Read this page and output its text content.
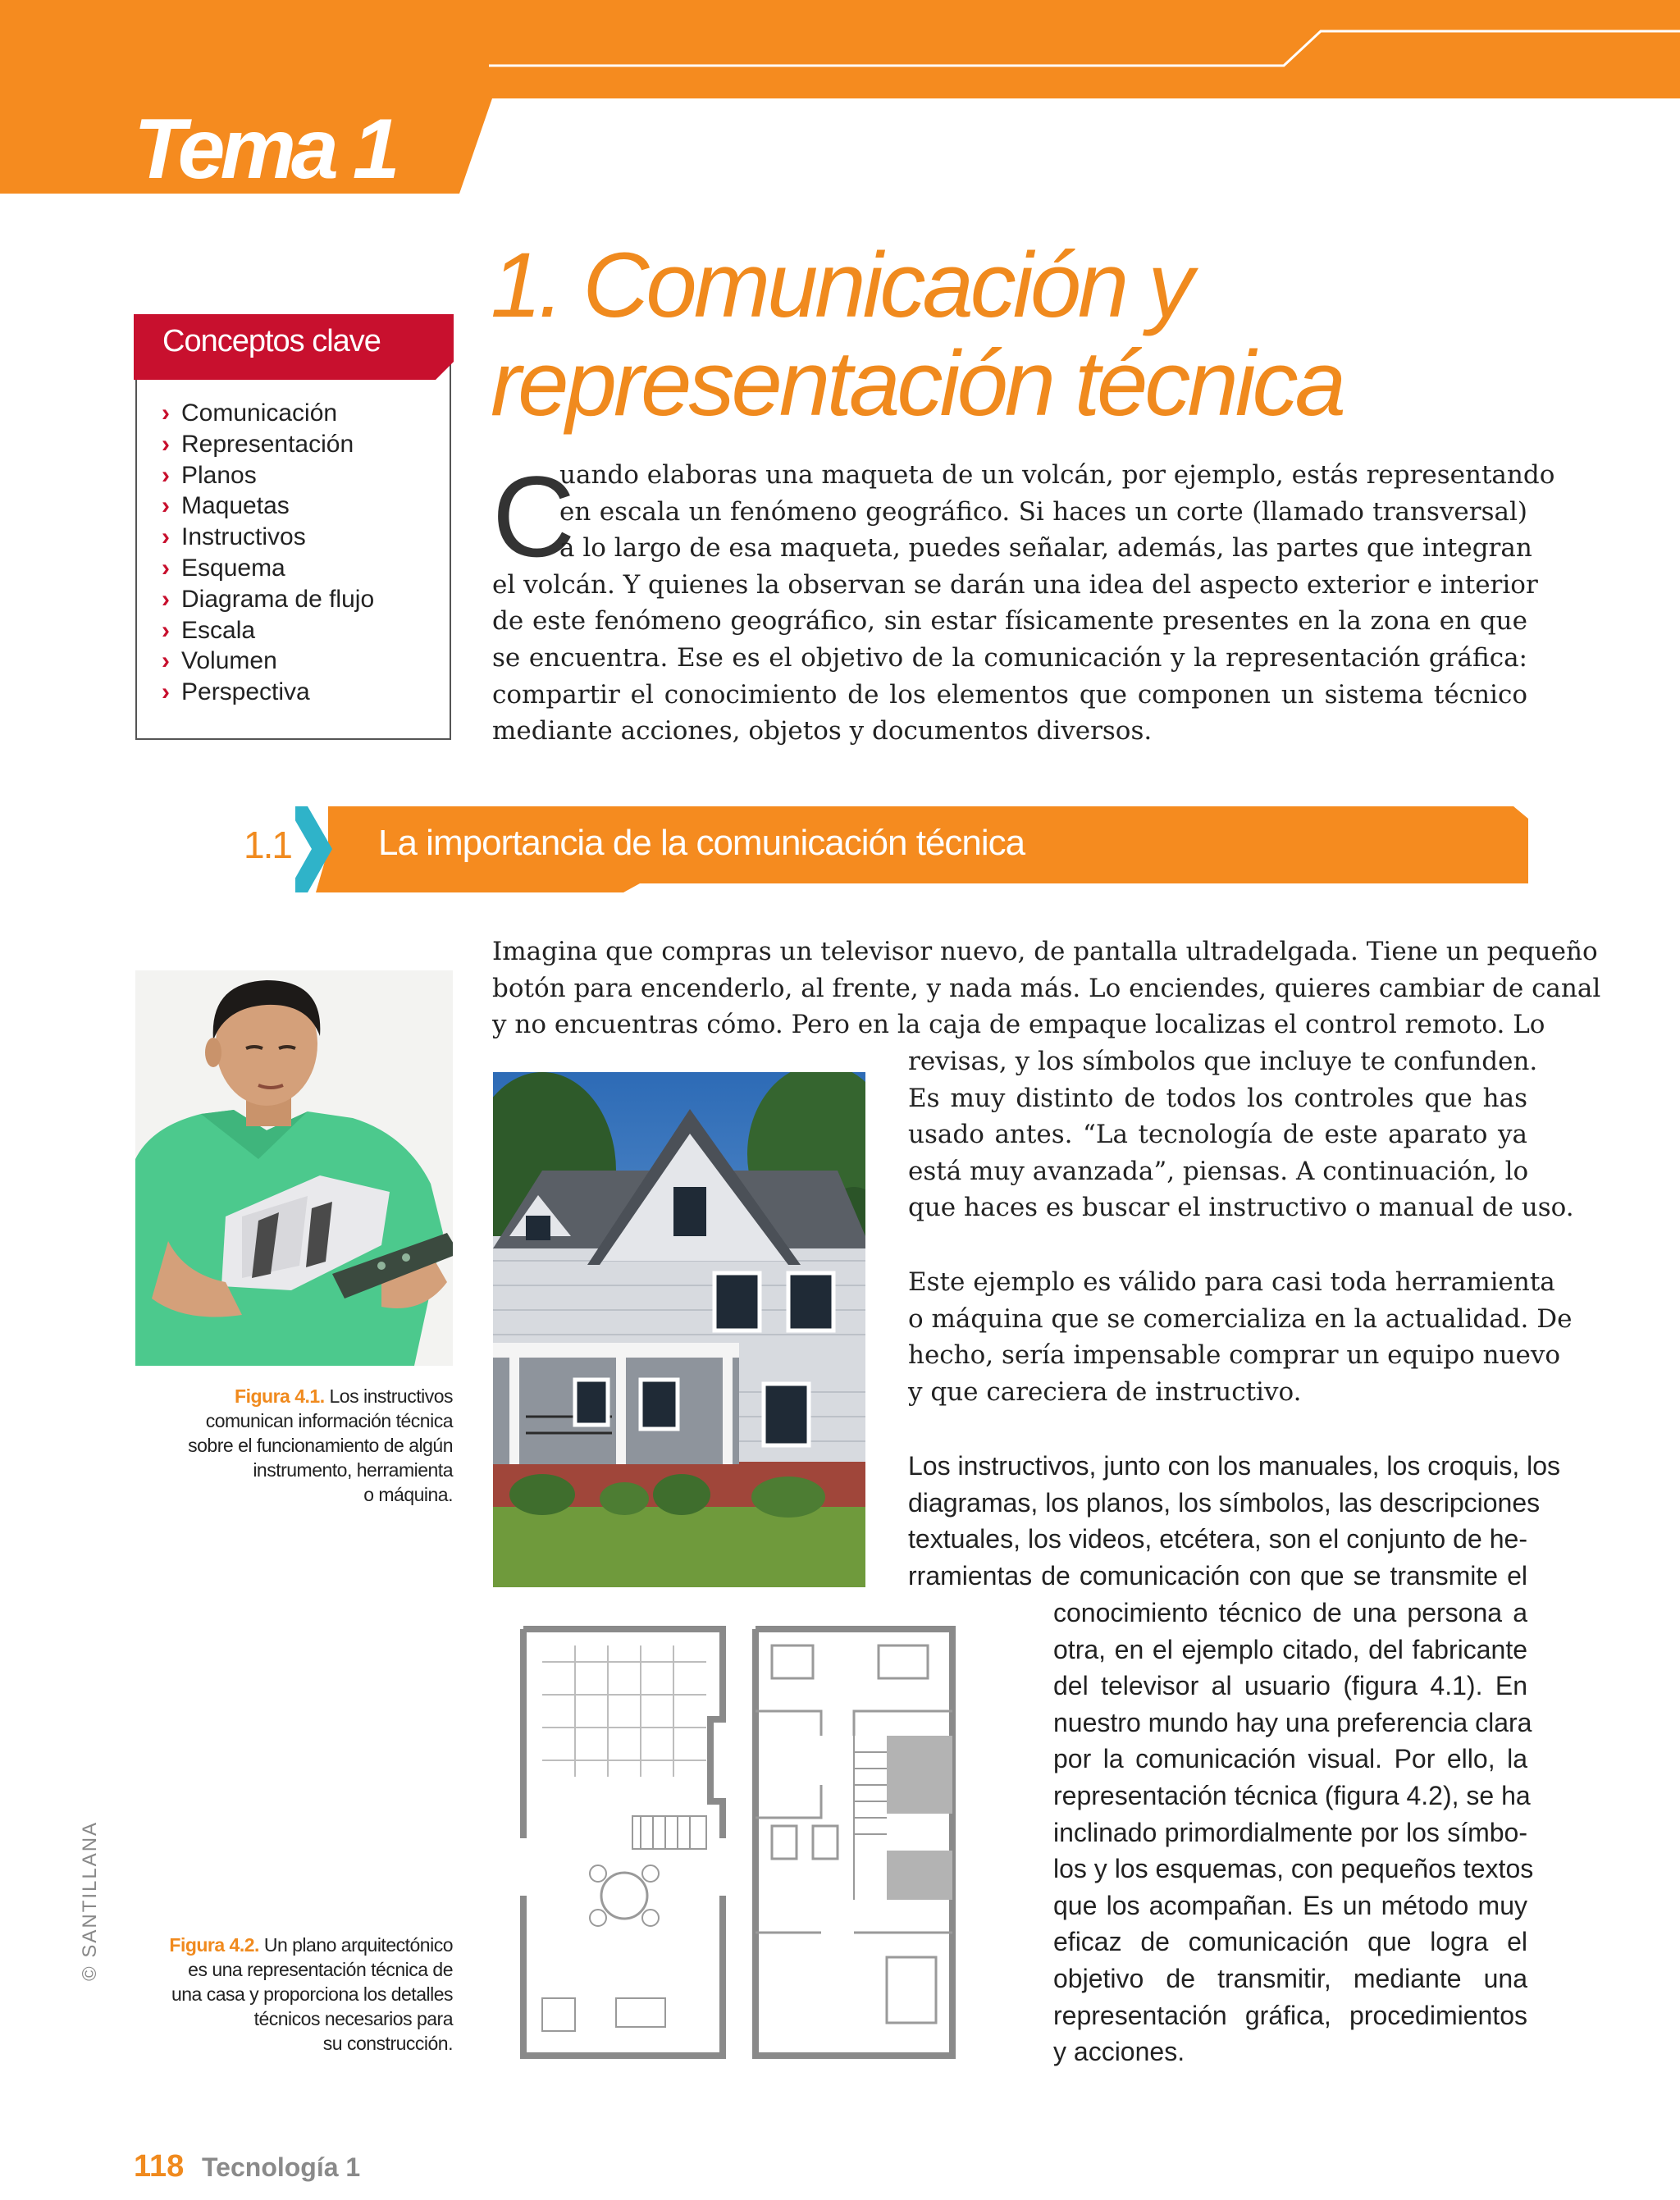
Tema 1
Conceptos clave
› Comunicación
› Representación
› Planos
› Maquetas
› Instructivos
› Esquema
› Diagrama de flujo
› Escala
› Volumen
› Perspectiva
1. Comunicación y
representación técnica
C
uando elaboras una maqueta de un volcán, por ejemplo, estás representando
en escala un fenómeno geográfico. Si haces un corte (llamado transversal)
a lo largo de esa maqueta, puedes señalar, además, las partes que integran
el volcán. Y quienes la observan se darán una idea del aspecto exterior e interior
de este fenómeno geográfico, sin estar físicamente presentes en la zona en que
se encuentra. Ese es el objetivo de la comunicación y la representación gráfica:
compartir el conocimiento de los elementos que componen un sistema técnico
mediante acciones, objetos y documentos diversos.
1.1 La importancia de la comunicación técnica
Imagina que compras un televisor nuevo, de pantalla ultradelgada. Tiene un pequeño
botón para encenderlo, al frente, y nada más. Lo enciendes, quieres cambiar de canal
y no encuentras cómo. Pero en la caja de empaque localizas el control remoto. Lo
revisas, y los símbolos que incluye te confunden.
Es muy distinto de todos los controles que has
usado antes. “La tecnología de este aparato ya
está muy avanzada”, piensas. A continuación, lo
que haces es buscar el instructivo o manual de uso.
Este ejemplo es válido para casi toda herramienta
o máquina que se comercializa en la actualidad. De
hecho, sería impensable comprar un equipo nuevo
y que careciera de instructivo.
Los instructivos, junto con los manuales, los croquis, los
diagramas, los planos, los símbolos, las descripciones
textuales, los videos, etcétera, son el conjunto de he-
rramientas de comunicación con que se transmite el
conocimiento técnico de una persona a
otra, en el ejemplo citado, del fabricante
del televisor al usuario (figura 4.1). En
nuestro mundo hay una preferencia clara
por la comunicación visual. Por ello, la
representación técnica (figura 4.2), se ha
inclinado primordialmente por los símbo-
los y los esquemas, con pequeños textos
que los acompañan. Es un método muy
eficaz de comunicación que logra el
objetivo de transmitir, mediante una
representación gráfica, procedimientos
y acciones.
Figura 4.1. Los instructivos
comunican información técnica
sobre el funcionamiento de algún
instrumento, herramienta
o máquina.
Figura 4.2. Un plano arquitectónico
es una representación técnica de
una casa y proporciona los detalles
técnicos necesarios para
su construcción.
© SANTILLANA
118 Tecnología 1
